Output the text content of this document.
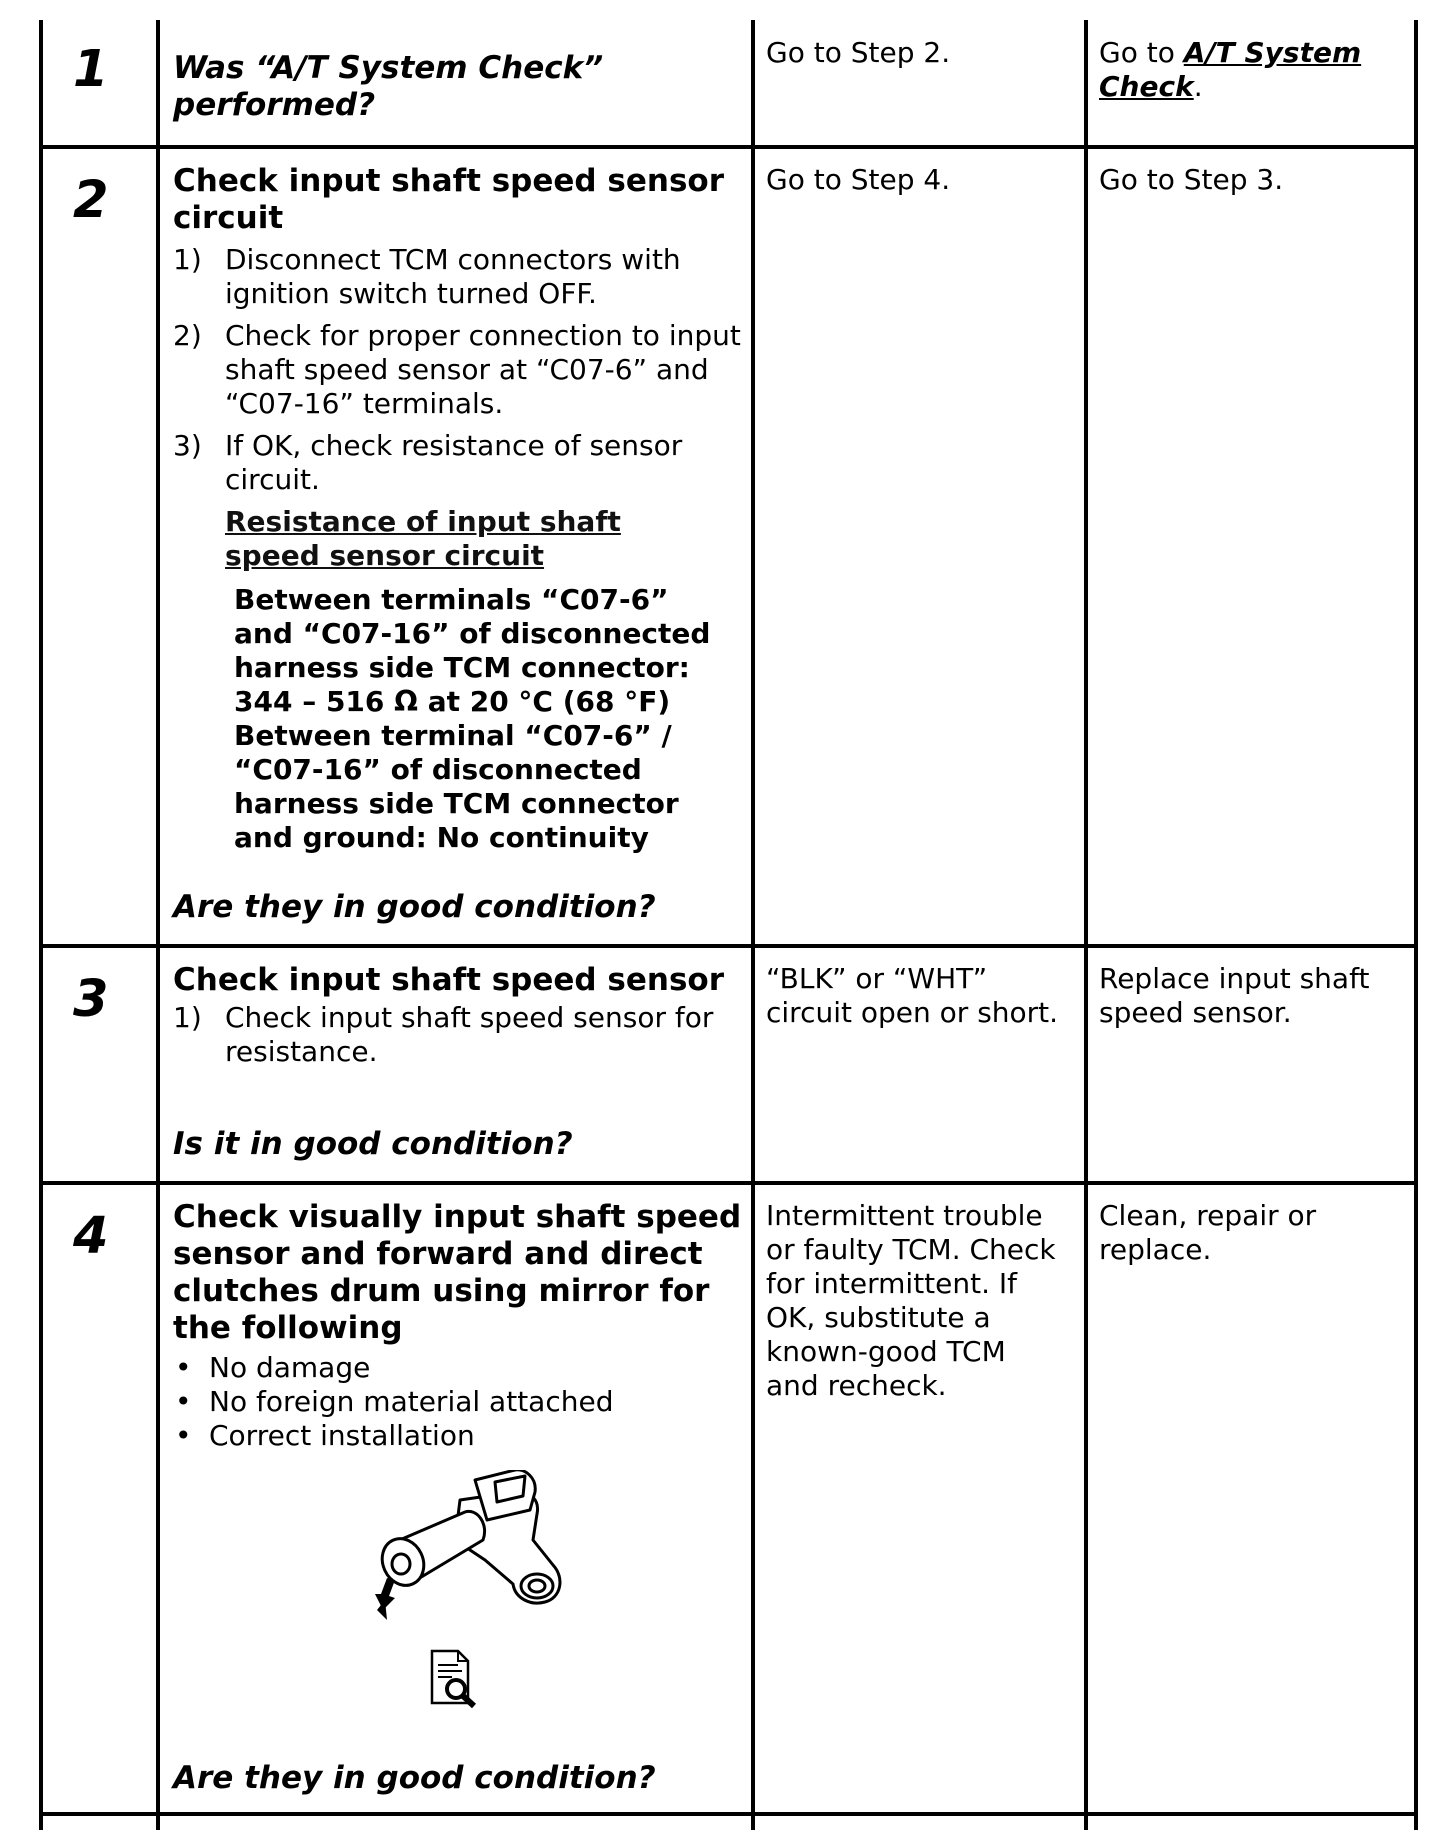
1 Was “A/T System Check” performed?

Go to Step 2.	Go to A/T System Check.

2 Check input shaft speed sensor circuit

1) Disconnect TCM connectors with ignition switch turned OFF.
2) Check for proper connection to input shaft speed sensor at “C07-6” and “C07-16” terminals.
3) If OK, check resistance of sensor circuit.
Resistance of input shaft speed sensor circuit
Between terminals “C07-6”
and “C07-16” of disconnected
harness side TCM connector:
344 – 516 Ω at 20 °C (68 °F)
Between terminal “C07-6” /
“C07-16” of disconnected
harness side TCM connector
and ground: No continuity
Are they in good condition?

Go to Step 4.	Go to Step 3.

3 Check input shaft speed sensor

1) Check input shaft speed sensor for resistance.
Is it in good condition?

“BLK” or “WHT” circuit open or short.

Replace input shaft speed sensor.

4 Check visually input shaft speed sensor and forward and direct clutches drum using mirror for the following

• No damage
• No foreign material attached
• Correct installation
Are they in good condition?

Intermittent trouble or faulty TCM. Check for intermittent. If OK, substitute a known-good TCM and recheck.

Clean, repair or replace.
